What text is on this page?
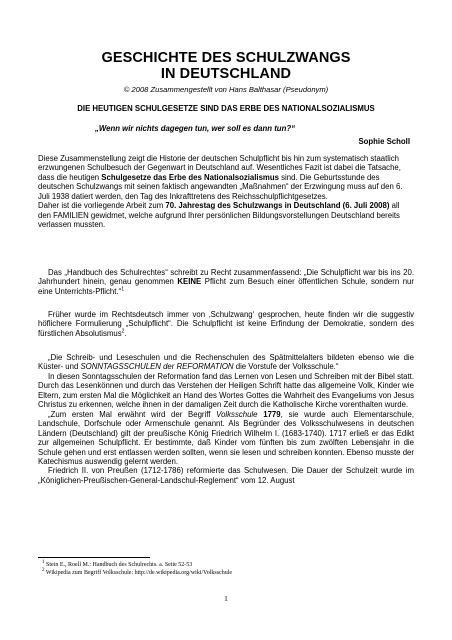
GESCHICHTE DES SCHULZWANGS
IN DEUTSCHLAND
© 2008 Zusammengestellt von Hans Balthasar (Pseudonym)
DIE HEUTIGEN SCHULGESETZE SIND DAS ERBE DES NATIONALSOZIALISMUS
„Wenn wir nichts dagegen tun, wer soll es dann tun?“
Sophie Scholl

Diese Zusammenstellung zeigt die Historie der deutschen Schulpflicht bis hin zum systematisch staatlich erzwungenen Schulbesuch der Gegenwart in Deutschland auf. Wesentliches Fazit ist dabei die Tatsache, dass die heutigen Schulgesetze das Erbe des Nationalsozialismus sind. Die Geburtsstunde des deutschen Schulzwangs mit seinen faktisch angewandten „Maßnahmen“ der Erzwingung muss auf den 6. Juli 1938 datiert werden, den Tag des Inkrafttretens des Reichsschulpflichtgesetzes.

Daher ist die vorliegende Arbeit zum 70. Jahrestag des Schulzwangs in Deutschland (6. Juli 2008) all den FAMILIEN gewidmet, welche aufgrund Ihrer persönlichen Bildungsvorstellungen Deutschland bereits verlassen mussten.

Das „Handbuch des Schulrechtes“ schreibt zu Recht zusammenfassend: „Die Schulpflicht war bis ins 20. Jahrhundert hinein, genau genommen KEINE Pflicht zum Besuch einer öffentlichen Schule, sondern nur eine Unterrichts-Pflicht.“$^1$

Früher wurde im Rechtsdeutsch immer von ‚Schulzwang‘ gesprochen, heute finden wir die suggestiv höflichere Formulierung „Schulpflicht“. Die Schulpflicht ist keine Erfindung der Demokratie, sondern des fürstlichen Absolutismus$^2$.

„Die Schreib- und Leseschulen und die Rechenschulen des Spätmittelalters bildeten ebenso wie die Küster- und SONNTAGSSCHULEN der REFORMATION die Vorstufe der Volksschule.“

In diesen Sonntagsschulen der Reformation fand das Lernen von Lesen und Schreiben mit der Bibel statt. Durch das Lesenkönnen und durch das Verstehen der Heiligen Schrift hatte das allgemeine Volk, Kinder wie Eltern, zum ersten Mal die Möglichkeit an Hand des Wortes Gottes die Wahrheit des Evangeliums von Jesus Christus zu erkennen, welche ihnen in der damaligen Zeit durch die Katholische Kirche vorenthalten wurde.

„Zum ersten Mal erwähnt wird der Begriff Volksschule 1779, sie wurde auch Elementarschule, Landschule, Dorfschule oder Armenschule genannt. Als Begründer des Volksschulwesens in deutschen Ländern (Deutschland) gilt der preußische König Friedrich Wilhelm I. (1683-1740). 1717 erließ er das Edikt zur allgemeinen Schulpflicht. Er bestimmte, daß Kinder vom fünften bis zum zwölften Lebensjahr in die Schule gehen und erst entlassen werden sollten, wenn sie lesen und schreiben konnten. Ebenso musste der Katechismus auswendig gelernt werden.

Friedrich II. von Preußen (1712-1786) reformierte das Schulwesen. Die Dauer der Schulzeit wurde im „Königlichen-Preußischen-General-Landschul-Reglement“ vom 12. August

$^1$ Stein E., Roell M.: Handbuch des Schulrechts. a. Seite 52-53
$^2$ Wikipedia zum Begriff Volksschule: http://de.wikipedia.org/wiki/Volksschule
1
